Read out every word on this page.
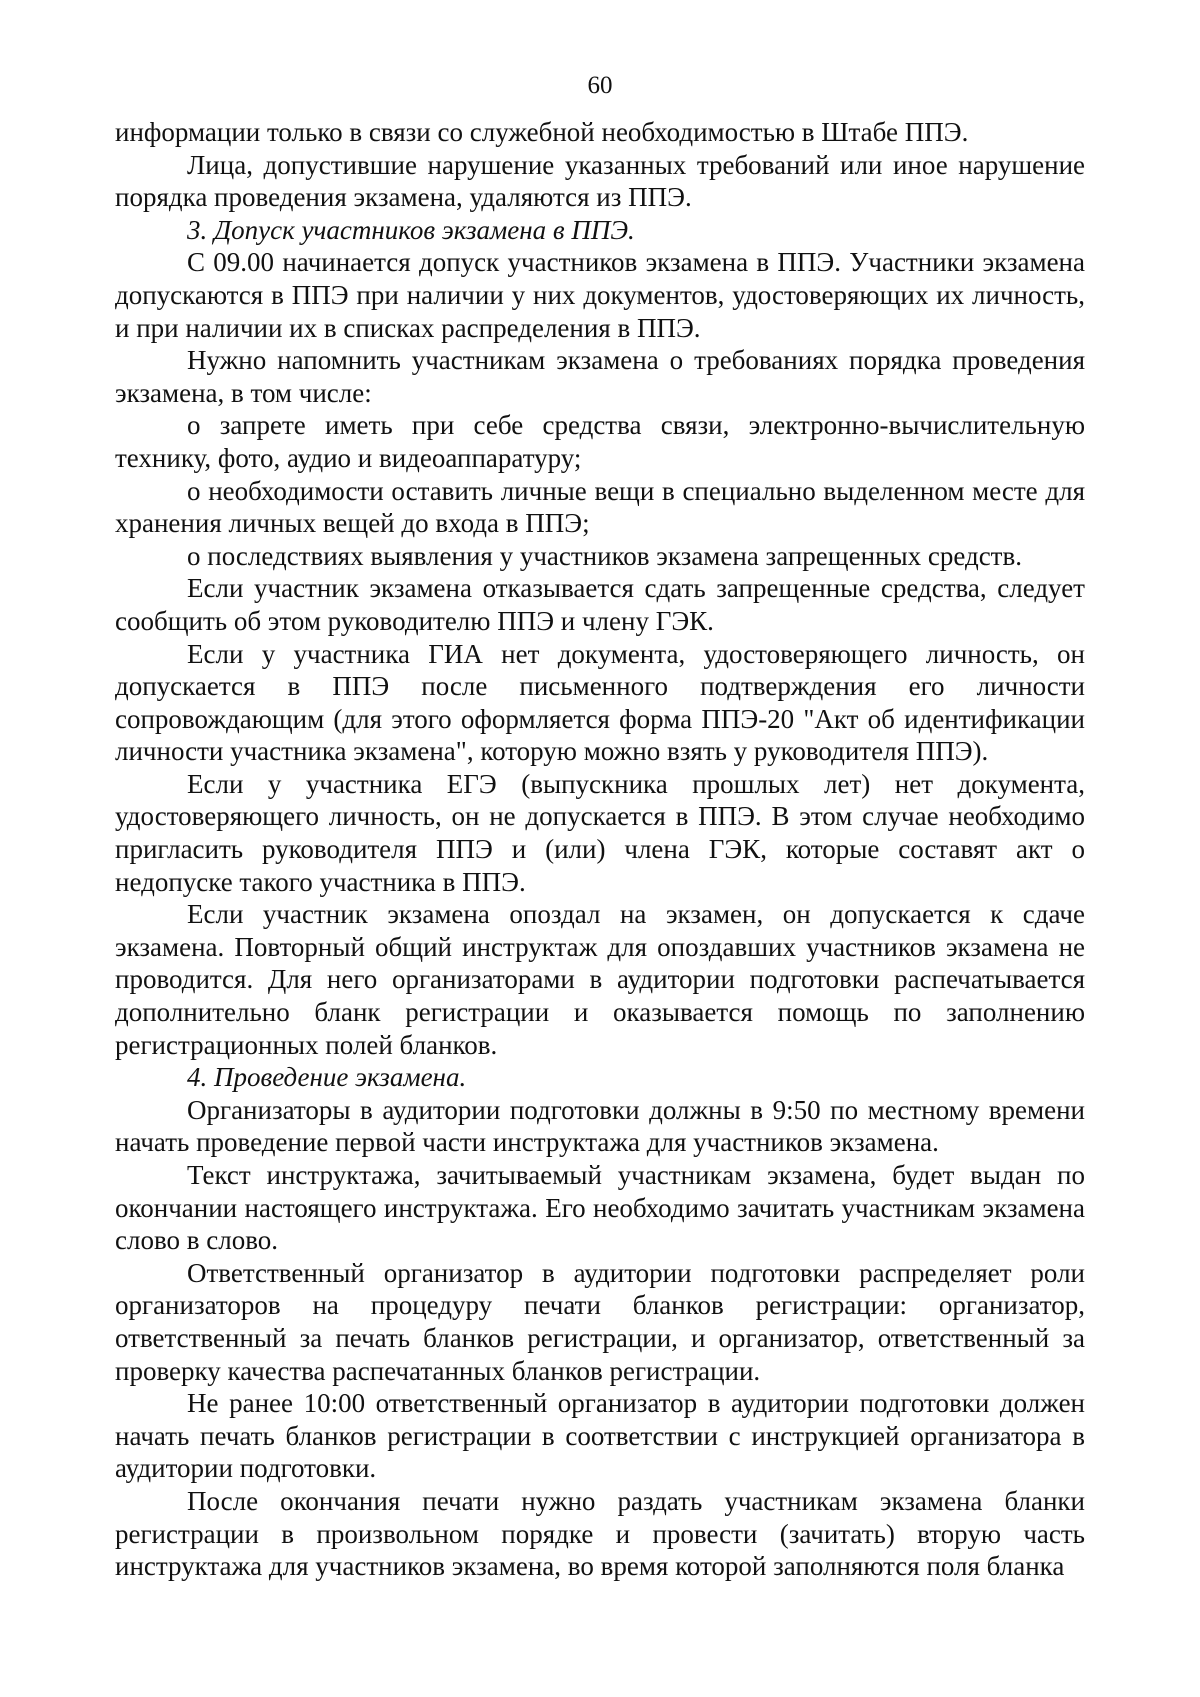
60

информации только в связи со служебной необходимостью в Штабе ППЭ.

Лица, допустившие нарушение указанных требований или иное нарушение порядка проведения экзамена, удаляются из ППЭ.

3. Допуск участников экзамена в ППЭ.

С 09.00 начинается допуск участников экзамена в ППЭ. Участники экзамена допускаются в ППЭ при наличии у них документов, удостоверяющих их личность, и при наличии их в списках распределения в ППЭ.

Нужно напомнить участникам экзамена о требованиях порядка проведения экзамена, в том числе:

о запрете иметь при себе средства связи, электронно-вычислительную технику, фото, аудио и видеоаппаратуру;

о необходимости оставить личные вещи в специально выделенном месте для хранения личных вещей до входа в ППЭ;

о последствиях выявления у участников экзамена запрещенных средств.

Если участник экзамена отказывается сдать запрещенные средства, следует сообщить об этом руководителю ППЭ и члену ГЭК.

Если у участника ГИА нет документа, удостоверяющего личность, он допускается в ППЭ после письменного подтверждения его личности сопровождающим (для этого оформляется форма ППЭ-20 "Акт об идентификации личности участника экзамена", которую можно взять у руководителя ППЭ).

Если у участника ЕГЭ (выпускника прошлых лет) нет документа, удостоверяющего личность, он не допускается в ППЭ. В этом случае необходимо пригласить руководителя ППЭ и (или) члена ГЭК, которые составят акт о недопуске такого участника в ППЭ.

Если участник экзамена опоздал на экзамен, он допускается к сдаче экзамена. Повторный общий инструктаж для опоздавших участников экзамена не проводится. Для него организаторами в аудитории подготовки распечатывается дополнительно бланк регистрации и оказывается помощь по заполнению регистрационных полей бланков.

4. Проведение экзамена.

Организаторы в аудитории подготовки должны в 9:50 по местному времени начать проведение первой части инструктажа для участников экзамена.

Текст инструктажа, зачитываемый участникам экзамена, будет выдан по окончании настоящего инструктажа. Его необходимо зачитать участникам экзамена слово в слово.

Ответственный организатор в аудитории подготовки распределяет роли организаторов на процедуру печати бланков регистрации: организатор, ответственный за печать бланков регистрации, и организатор, ответственный за проверку качества распечатанных бланков регистрации.

Не ранее 10:00 ответственный организатор в аудитории подготовки должен начать печать бланков регистрации в соответствии с инструкцией организатора в аудитории подготовки.

После окончания печати нужно раздать участникам экзамена бланки регистрации в произвольном порядке и провести (зачитать) вторую часть инструктажа для участников экзамена, во время которой заполняются поля бланка
